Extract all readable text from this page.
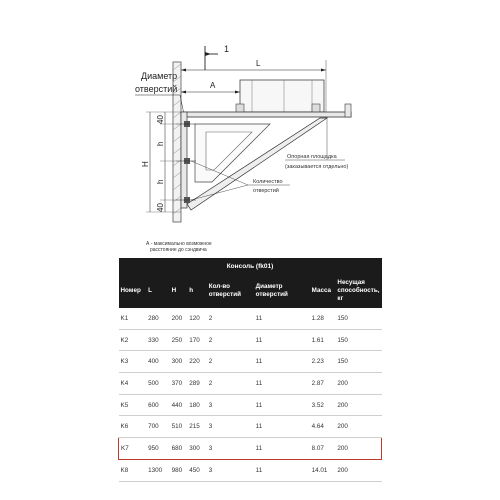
1
L
A
Диаметр
отверстий
40
h
h
40
H
Опорная площадка
(заказывается отдельно)
Количество
отверстий
А - максимально возможное
расстояние до сэндвича
Консоль (fk01)							
Номер	L	H	h	Кол-во отверстий	Диаметр отверстий	Масса	Несущая способность, кг
K1	280	200	120	2	11	1.28	150
K2	330	250	170	2	11	1.61	150
K3	400	300	220	2	11	2.23	150
K4	500	370	289	2	11	2.87	200
K5	600	440	180	3	11	3.52	200
K6	700	510	215	3	11	4.64	200
K7	950	680	300	3	11	8.07	200
K8	1300	980	450	3	11	14.01	200
